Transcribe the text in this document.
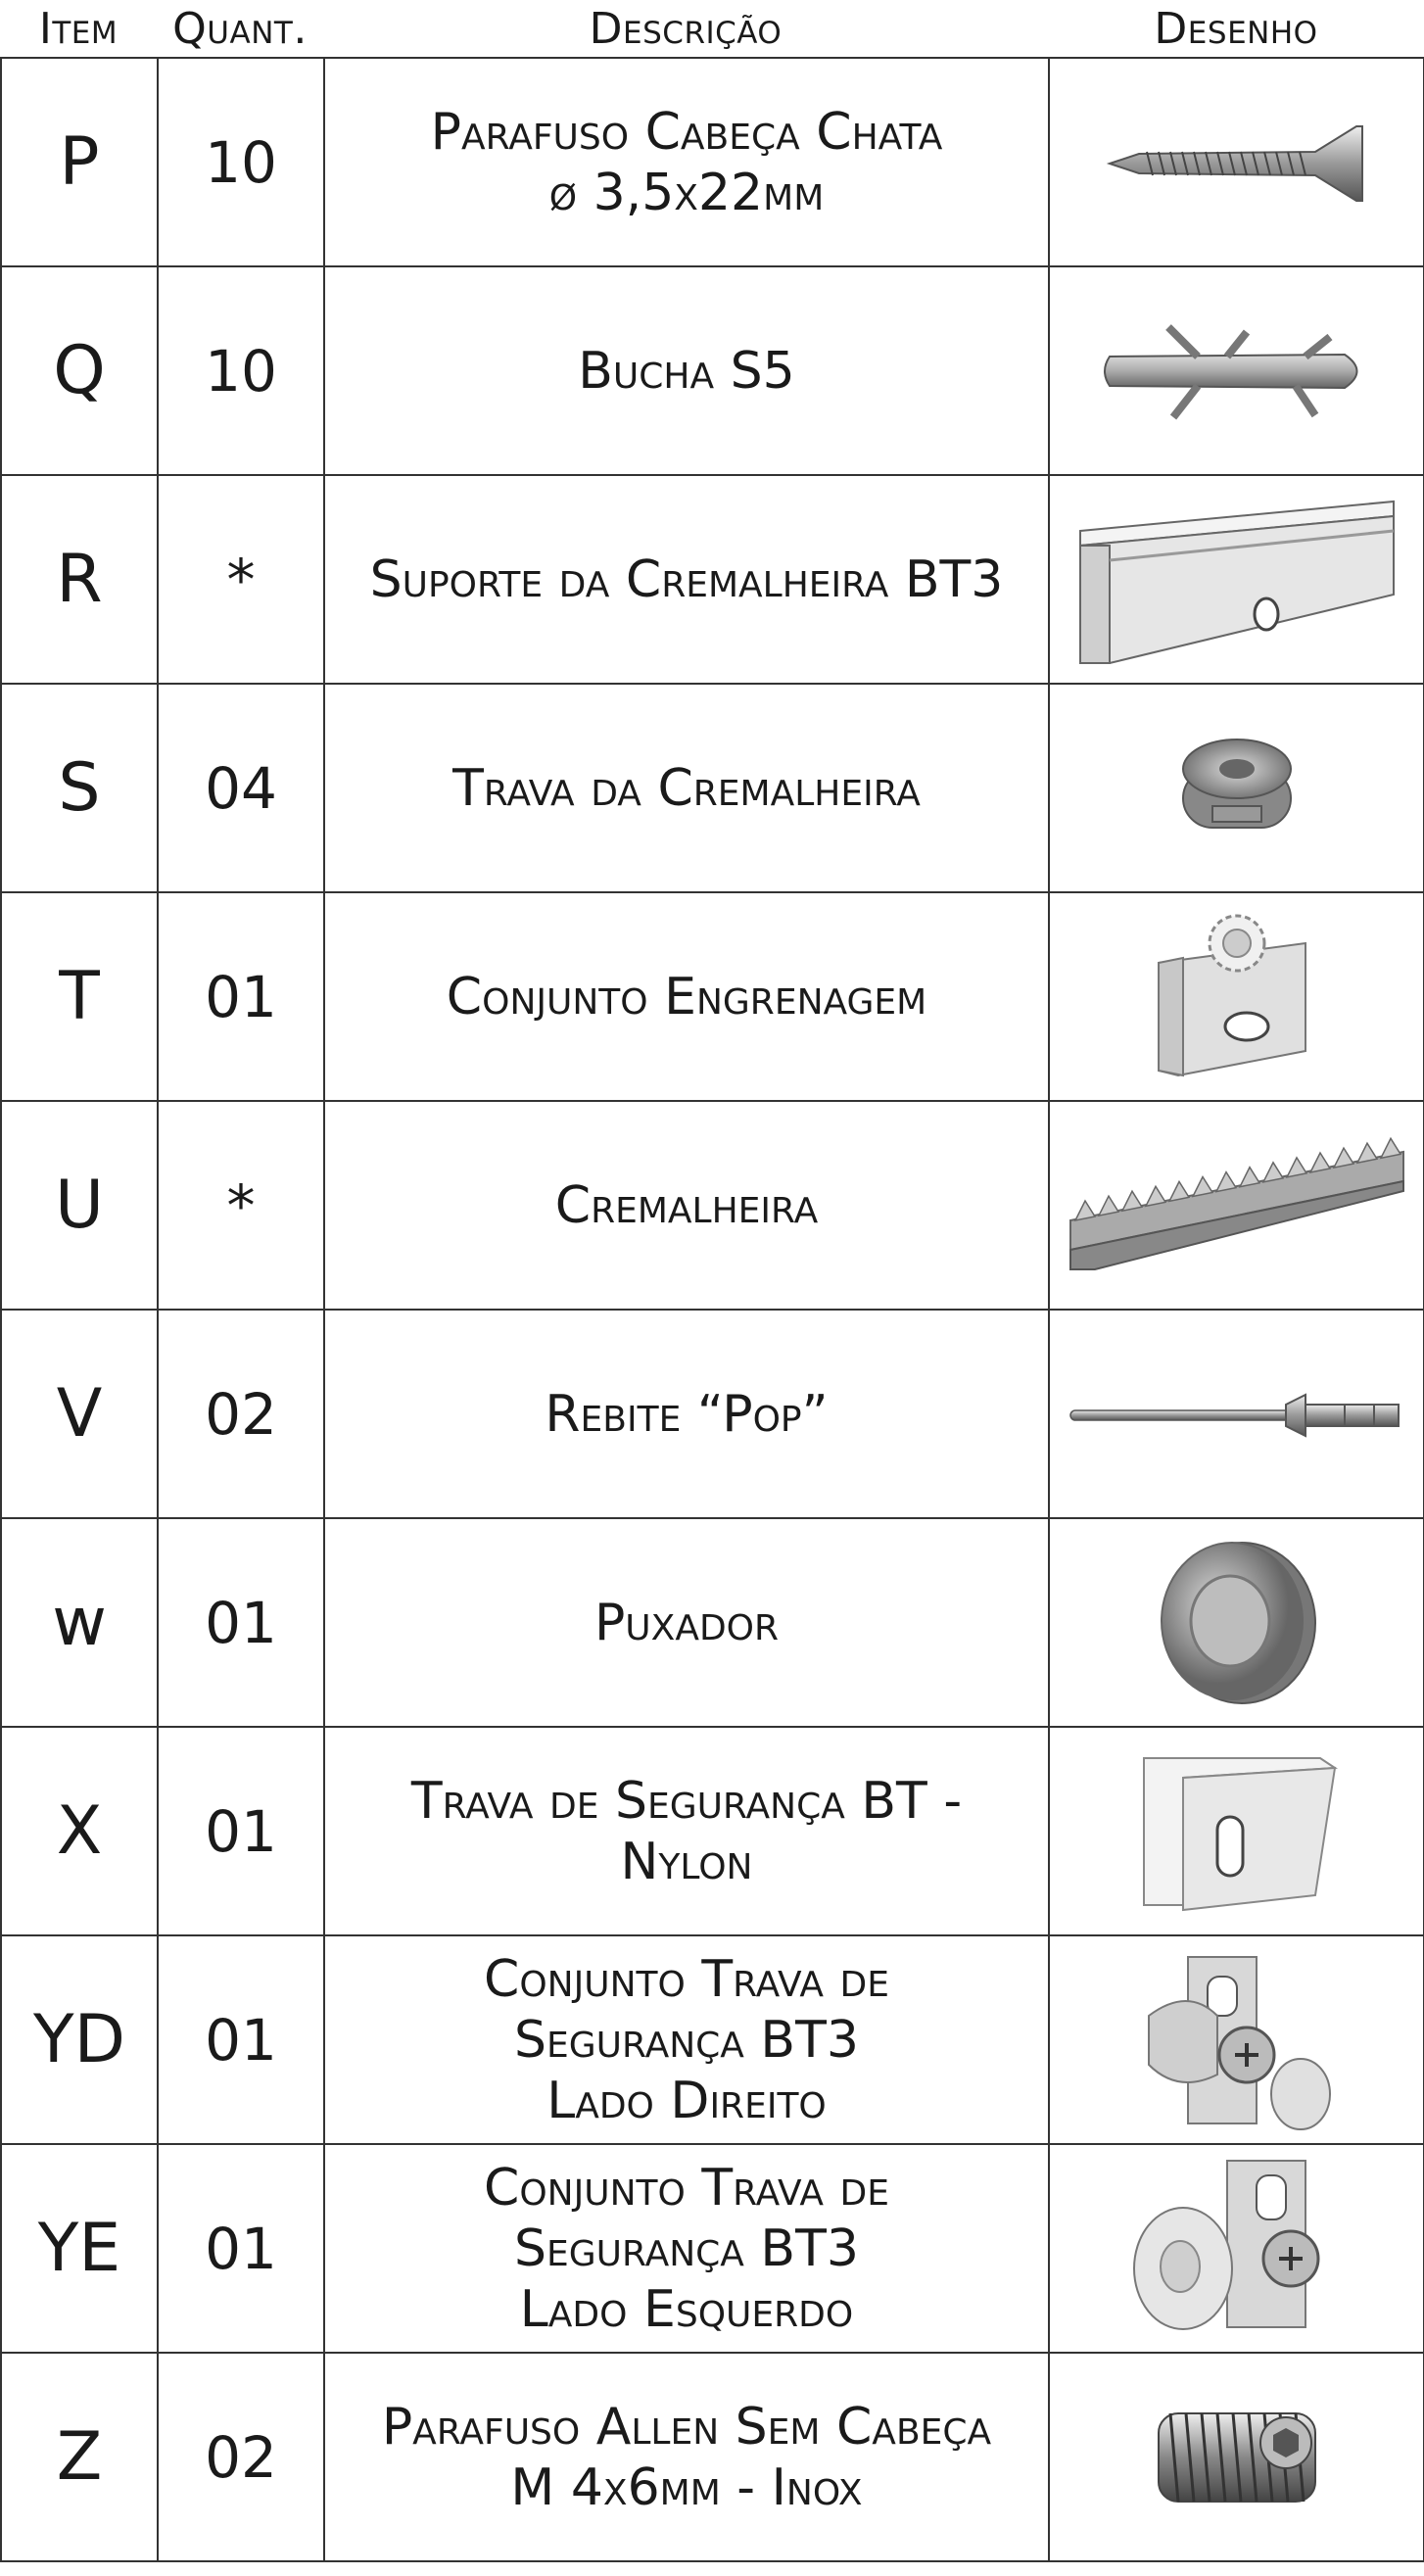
Item	Quant.	Descrição	Desenho
P	10	Parafuso Cabeça Chata
ø 3,5x22mm

Q	10	Bucha S5

R	*	Suporte da Cremalheira BT3

S	04	Trava da Cremalheira

T	01	Conjunto Engrenagem

U	*	Cremalheira

V	02	Rebite “Pop”

w	01	Puxador

X	01	Trava de Segurança BT -
Nylon

YD	01	Conjunto Trava de
Segurança BT3
Lado Direito

YE	01	Conjunto Trava de
Segurança BT3
Lado Esquerdo

Z	02	Parafuso Allen Sem Cabeça
M 4x6mm - Inox
